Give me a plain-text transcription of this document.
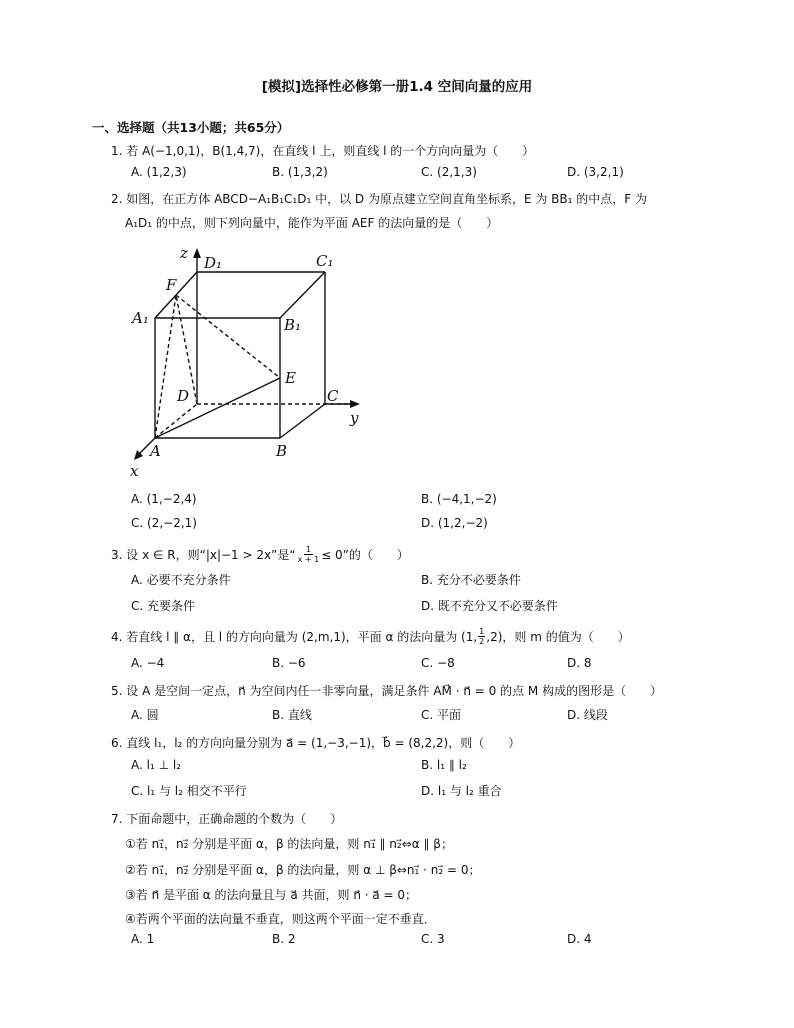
[模拟]选择性必修第一册1.4 空间向量的应用
一、选择题（共13小题；共65分）
1. 若 A(−1,0,1)，B(1,4,7)，在直线 l 上，则直线 l 的一个方向向量为（　　）
A. (1,2,3)	B. (1,3,2)	C. (2,1,3)	D. (3,2,1)
2. 如图，在正方体 ABCD−A₁B₁C₁D₁ 中，以 D 为原点建立空间直角坐标系，E 为 BB₁ 的中点，F 为
A₁D₁ 的中点，则下列向量中，能作为平面 AEF 的法向量的是（　　）
z
D₁	C₁
F
A₁	B₁
E
D	C
y
A	B
x
A. (1,−2,4)	B. (−4,1,−2)
C. (2,−2,1)	D. (1,2,−2)
3. 设 x ∈ R，则“|x|−1 > 2x”是“ $\frac{1}{x + 1} \le 0$”的（　　）
A. 必要不充分条件	B. 充分不必要条件
C. 充要条件	D. 既不充分又不必要条件
4. 若直线 l ∥ α，且 l 的方向向量为 (2,m,1)，平面 α 的法向量为 (1, $\frac{1}{2} ,2$)，则 m 的值为（　　）
A. −4	B. −6	C. −8	D. 8
5. 设 A 是空间一定点，n⃗ 为空间内任一非零向量，满足条件 AM⃗ · n⃗ = 0 的点 M 构成的图形是（　　）
A. 圆	B. 直线	C. 平面	D. 线段
6. 直线 l₁，l₂ 的方向向量分别为 a⃗ = (1,−3,−1)，b⃗ = (8,2,2)，则（　　）
A. l₁ ⊥ l₂	B. l₁ ∥ l₂
C. l₁ 与 l₂ 相交不平行	D. l₁ 与 l₂ 重合
7. 下面命题中，正确命题的个数为（　　）
①若 n₁⃗，n₂⃗ 分别是平面 α，β 的法向量，则 n₁⃗ ∥ n₂⃗⇔α ∥ β；
②若 n₁⃗，n₂⃗ 分别是平面 α，β 的法向量，则 α ⊥ β⇔n₁⃗ · n₂⃗ = 0；
③若 n⃗ 是平面 α 的法向量且与 a⃗ 共面，则 n⃗ · a⃗ = 0；
④若两个平面的法向量不垂直，则这两个平面一定不垂直．
A. 1	B. 2	C. 3	D. 4
